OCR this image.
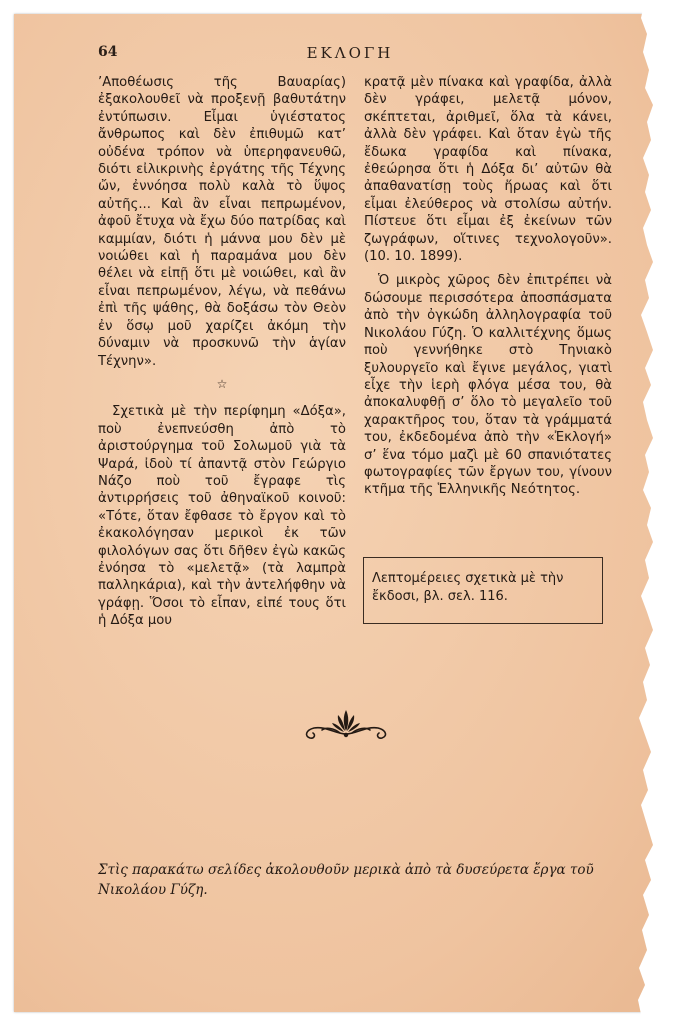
64	ΕΚΛΟΓΗ

’Αποθέωσις τῆς Βαυαρίας) ἐξακολουθεῖ νὰ προξενῇ βαθυτάτην ἐντύπωσιν. Εἶμαι ὑγιέστατος ἄνθρωπος καὶ δὲν ἐπιθυμῶ κατ’ οὐδένα τρόπον νὰ ὑπερηφανευθῶ, διότι εἰλικρινὴς ἐργάτης τῆς Τέχνης ὤν, ἐννόησα πολὺ καλὰ τὸ ὕψος αὐτῆς... Καὶ ἂν εἶναι πεπρωμένον, ἀφοῦ ἔτυχα νὰ ἔχω δύο πατρίδας καὶ καμμίαν, διότι ἡ μάννα μου δὲν μὲ νοιώθει καὶ ἡ παραμάνα μου δὲν θέλει νὰ εἰπῇ ὅτι μὲ νοιώθει, καὶ ἂν εἶναι πεπρωμένον, λέγω, νὰ πεθάνω ἐπὶ τῆς ψάθης, θὰ δοξάσω τὸν Θεὸν ἐν ὅσῳ μοῦ χαρίζει ἀκόμη τὴν δύναμιν νὰ προσκυνῶ τὴν ἁγίαν Τέχνην».

☆

Σχετικὰ μὲ τὴν περίφημη «Δόξα», ποὺ ἐνεπνεύσθη ἀπὸ τὸ ἀριστούργημα τοῦ Σολωμοῦ γιὰ τὰ Ψαρά, ἰδοὺ τί ἀπαντᾷ στὸν Γεώργιο Νάζο ποὺ τοῦ ἔγραφε τὶς ἀντιρρήσεις τοῦ ἀθηναϊκοῦ κοινοῦ: «Τότε, ὅταν ἔφθασε τὸ ἔργον καὶ τὸ ἐκακολόγησαν μερικοὶ ἐκ τῶν φιλολόγων σας ὅτι δῆθεν ἐγὼ κακῶς ἐνόησα τὸ «μελετᾷ» (τὰ λαμπρὰ παλληκάρια), καὶ τὴν ἀντελήφθην νὰ γράφῃ. Ὅσοι τὸ εἶπαν, εἰπέ τους ὅτι ἡ Δόξα μου

κρατᾷ μὲν πίνακα καὶ γραφίδα, ἀλλὰ δὲν γράφει, μελετᾷ μόνον, σκέπτεται, ἀριθμεῖ, ὅλα τὰ κάνει, ἀλλὰ δὲν γράφει. Καὶ ὅταν ἐγὼ τῆς ἔδωκα γραφίδα καὶ πίνακα, ἐθεώρησα ὅτι ἡ Δόξα δι’ αὐτῶν θὰ ἀπαθανατίσῃ τοὺς ἥρωας καὶ ὅτι εἶμαι ἐλεύθερος νὰ στολίσω αὐτήν. Πίστευε ὅτι εἶμαι ἐξ ἐκείνων τῶν ζωγράφων, οἵτινες τεχνολογοῦν». (10. 10. 1899).

Ὁ μικρὸς χῶρος δὲν ἐπιτρέπει νὰ δώσουμε περισσότερα ἀποσπάσματα ἀπὸ τὴν ὀγκώδη ἀλληλογραφία τοῦ Νικολάου Γύζη. Ὁ καλλιτέχνης ὅμως ποὺ γεννήθηκε στὸ Τηνιακὸ ξυλουργεῖο καὶ ἔγινε μεγάλος, γιατὶ εἶχε τὴν ἱερὴ φλόγα μέσα του, θὰ ἀποκαλυφθῇ σ’ ὅλο τὸ μεγαλεῖο τοῦ χαρακτῆρος του, ὅταν τὰ γράμματά του, ἐκδεδομένα ἀπὸ τὴν «Ἐκλογή» σ’ ἕνα τόμο μαζὶ μὲ 60 σπανιότατες φωτογραφίες τῶν ἔργων του, γίνουν κτῆμα τῆς Ἑλληνικῆς Νεότητος.

Λεπτομέρειες σχετικὰ μὲ τὴν ἔκδοσι, βλ. σελ. 116.
Στὶς παρακάτω σελίδες ἀκολουθοῦν μερικὰ ἀπὸ τὰ δυσεύρετα ἔργα τοῦ Νικολάου Γύζη.
